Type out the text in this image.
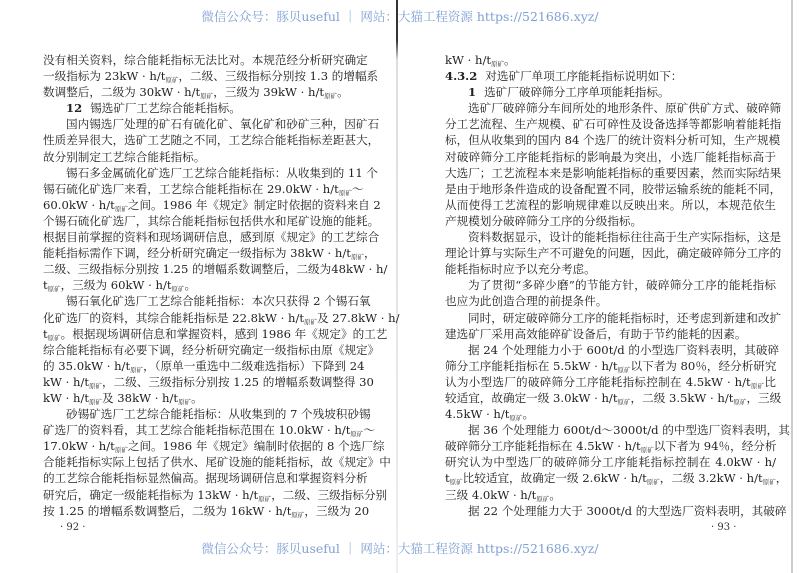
微信公众号：豚贝useful ｜ 网站：大猫工程资源 https://521686.xyz/
微信公众号：豚贝useful ｜ 网站：大猫工程资源 https://521686.xyz/
没有相关资料，综合能耗指标无法比对。本规范经分析研究确定
一级指标为 $23kW \cdot h/t_{原矿}$，二级、三级指标分别按 1.3 的增幅系
数调整后，二级为 $30kW \cdot h/t_{原矿}$，三级为 $39kW \cdot h/t_{原矿}$。
12 锡选矿厂工艺综合能耗指标。
国内锡选厂处理的矿石有硫化矿、氧化矿和砂矿三种，因矿石
性质差异很大，选矿工艺随之不同，工艺综合能耗指标差距甚大，
故分别制定工艺综合能耗指标。
锡石多金属硫化矿选厂工艺综合能耗指标：从收集到的 11 个
锡石硫化矿选厂来看，工艺综合能耗指标在 $29.0kW \cdot h/t_{原矿}\sim$
$60.0kW \cdot h/t_{原矿}$之间。1986 年《规定》制定时依据的资料来自 2
个锡石硫化矿选厂，其综合能耗指标包括供水和尾矿设施的能耗。
根据目前掌握的资料和现场调研信息，感到原《规定》的工艺综合
能耗指标需作下调，经分析研究确定一级指标为 $38kW \cdot h/t_{原矿}$，
二级、三级指标分别按 1.25 的增幅系数调整后，二级为48kW · h/
$t_{原矿}$，三级为 $60kW \cdot h/t_{原矿}$。
锡石氧化矿选厂工艺综合能耗指标：本次只获得 2 个锡石氧
化矿选厂的资料，其综合能耗指标是 $22.8kW \cdot h/t_{原矿}$及 27.8kW · h/
$t_{原矿}$。根据现场调研信息和掌握资料，感到 1986 年《规定》的工艺
综合能耗指标有必要下调，经分析研究确定一级指标由原《规定》
的 $35.0kW \cdot h/t_{原矿}$，（原单一重选中二级难选指标）下降到 24
kW · $h/t_{原矿}$，二级、三级指标分别按 1.25 的增幅系数调整得 30
kW · $h/t_{原矿}$及 $38kW \cdot h/t_{原矿}$。
砂锡矿选厂工艺综合能耗指标：从收集到的 7 个残坡积砂锡
矿选厂的资料看，其工艺综合能耗指标范围在 $10.0kW \cdot h/t_{原矿}\sim$
$17.0kW \cdot h/t_{原矿}$之间。1986 年《规定》编制时依据的 8 个选厂综
合能耗指标实际上包括了供水、尾矿设施的能耗指标，故《规定》中
的工艺综合能耗指标显然偏高。据现场调研信息和掌握资料分析
研究后，确定一级能耗指标为 $13kW \cdot h/t_{原矿}$，二级、三级指标分别
按 1.25 的增幅系数调整后，二级为 $16kW \cdot h/t_{原矿}$，三级为 20
kW · $h/t_{原矿}$。
4.3.2 对选矿厂单项工序能耗指标说明如下：
1 选矿厂破碎筛分工序单项能耗指标。
选矿厂破碎筛分车间所处的地形条件、原矿供矿方式、破碎筛
分工艺流程、生产规模、矿石可碎性及设备选择等都影响着能耗指
标，但从收集到的国内 84 个选厂的统计资料分析可知，生产规模
对破碎筛分工序能耗指标的影响最为突出，小选厂能耗指标高于
大选厂；工艺流程本来是影响能耗指标的重要因素，然而实际结果
是由于地形条件造成的设备配置不同，胶带运输系统的能耗不同，
从而使得工艺流程的影响规律难以反映出来。所以，本规范依生
产规模划分破碎筛分工序的分级指标。
资料数据显示，设计的能耗指标往往高于生产实际指标，这是
理论计算与实际生产不可避免的问题，因此，确定破碎筛分工序的
能耗指标时应予以充分考虑。
为了贯彻“多碎少磨”的节能方针，破碎筛分工序的能耗指标
也应为此创造合理的前提条件。
同时，研定破碎筛分工序的能耗指标时，还考虑到新建和改扩
建选矿厂采用高效能碎矿设备后，有助于节约能耗的因素。
据 24 个处理能力小于 600t/d 的小型选厂资料表明，其破碎
筛分工序能耗指标在 $5.5kW \cdot h/t_{原矿}$以下者为 80％，经分析研究
认为小型选厂的破碎筛分工序能耗指标控制在 $4.5kW \cdot h/t_{原矿}$比
较适宜，故确定一级 $3.0kW \cdot h/t_{原矿}$，二级 $3.5kW \cdot h/t_{原矿}$，三级
$4.5kW \cdot h/t_{原矿}$。
据 36 个处理能力 600t/d～3000t/d 的中型选厂资料表明，其
破碎筛分工序能耗指标在 $4.5kW \cdot h/t_{原矿}$以下者为 94％，经分析
研究认为中型选厂的破碎筛分工序能耗指标控制在 4.0kW · h/
$t_{原矿}$比较适宜，故确定一级 $2.6kW \cdot h/t_{原矿}$，二级 $3.2kW \cdot h/t_{原矿}$，
三级 $4.0kW \cdot h/t_{原矿}$。
据 22 个处理能力大于 3000t/d 的大型选厂资料表明，其破碎
· 92 ·	· 93 ·
